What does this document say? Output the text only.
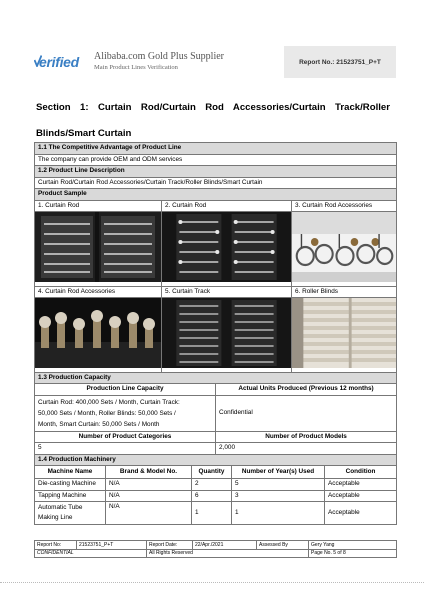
erified Alibaba.com Gold Plus Supplier
Main Product Lines Verification
Report No.: 21523751_P+T
Section 1: Curtain Rod/Curtain Rod Accessories/Curtain Track/Roller Blinds/Smart Curtain
1.1 The Competitive Advantage of Product Line							
The company can provide OEM and ODM services							
1.2 Product Line Description							
Curtain Rod/Curtain Rod Accessories/Curtain Track/Roller Blinds/Smart Curtain							
Product Sample							
1. Curtain Rod		2. Curtain Rod				3. Curtain Rod Accessories	

4. Curtain Rod Accessories		5. Curtain Track				6. Roller Blinds	

1.3 Production Capacity							
Production Line Capacity				Actual Units Produced (Previous 12 months)			

Curtain Rod: 400,000 Sets / Month, Curtain Track:
50,000 Sets / Month, Roller Blinds: 50,000 Sets /
Month, Smart Curtain: 50,000 Sets / Month				Confidential			
Number of Product Categories				Number of Product Models			
5				2,000			
1.4 Production Machinery							
Machine Name	Brand & Model No.		Quantity		Number of Year(s) Used		Condition
Die-casting Machine	N/A		2		5		Acceptable
Tapping Machine	N/A		6		3		Acceptable

Automatic Tube
Making Line	N/A		1		1		Acceptable
Report No:	21523751_P+T	Report Date:	22/Apr./2021	Assessed By	Gery Yang
CONFIDENTIAL		All Rights Reserved			Page No. 5 of 8
